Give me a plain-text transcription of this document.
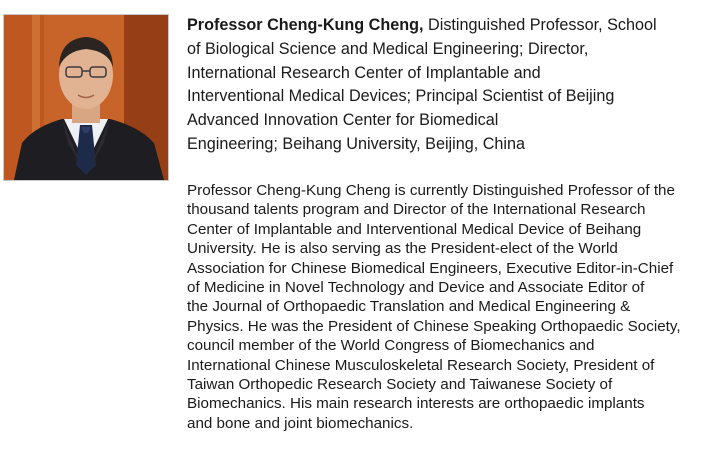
Professor Cheng-Kung Cheng, Distinguished Professor, School
of Biological Science and Medical Engineering; Director,
International Research Center of Implantable and
Interventional Medical Devices; Principal Scientist of Beijing
Advanced Innovation Center for Biomedical
Engineering; Beihang University, Beijing, China
Professor Cheng-Kung Cheng is currently Distinguished Professor of the
thousand talents program and Director of the International Research
Center of Implantable and Interventional Medical Device of Beihang
University. He is also serving as the President-elect of the World
Association for Chinese Biomedical Engineers, Executive Editor-in-Chief
of Medicine in Novel Technology and Device and Associate Editor of
the Journal of Orthopaedic Translation and Medical Engineering &
Physics. He was the President of Chinese Speaking Orthopaedic Society,
council member of the World Congress of Biomechanics and
International Chinese Musculoskeletal Research Society, President of
Taiwan Orthopedic Research Society and Taiwanese Society of
Biomechanics. His main research interests are orthopaedic implants
and bone and joint biomechanics.
